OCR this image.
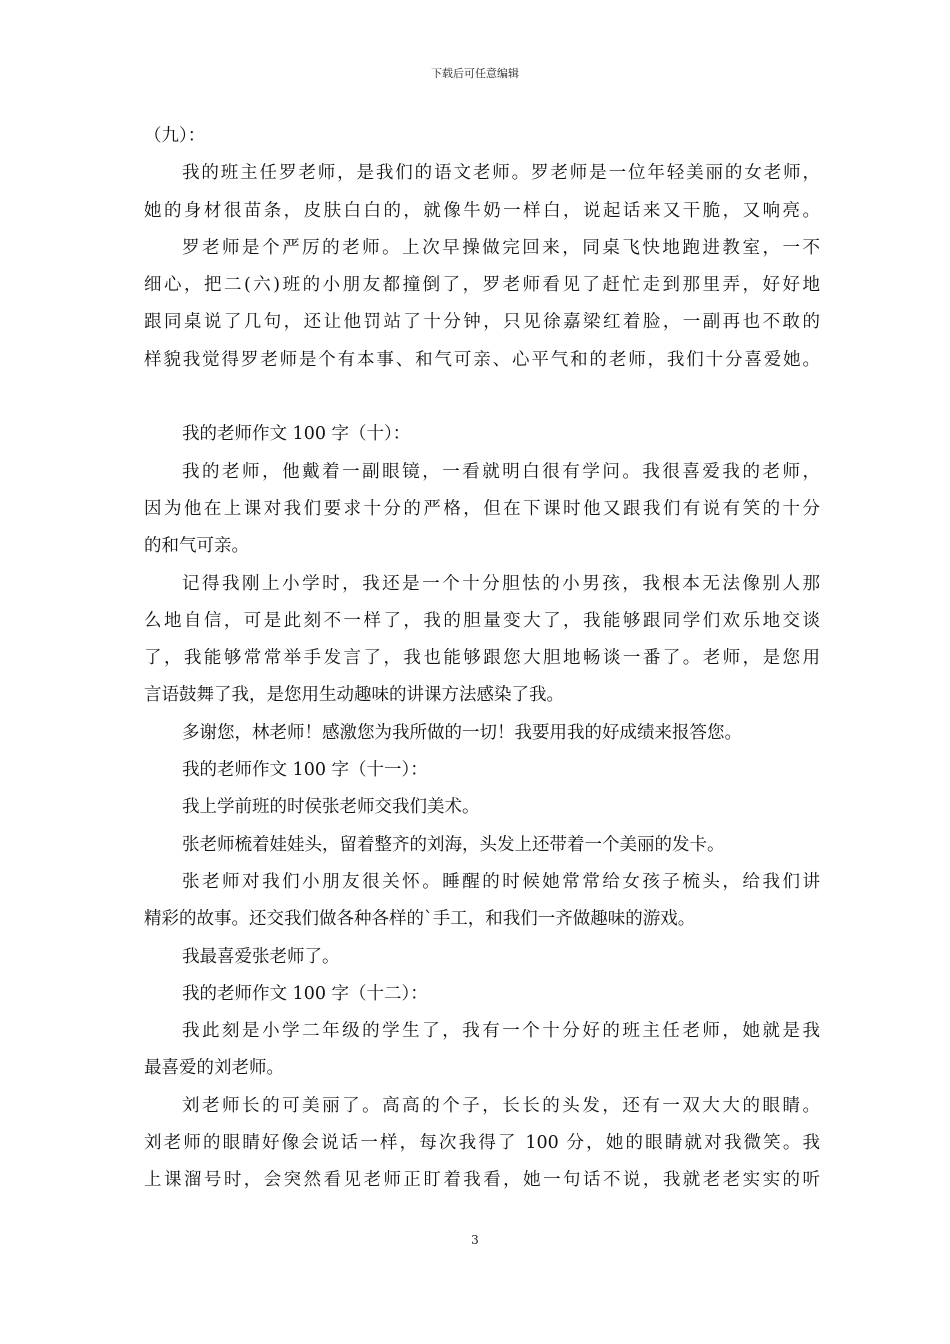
下载后可任意编辑
（九）：
我的班主任罗老师，是我们的语文老师。罗老师是一位年轻美丽的女老师，
她的身材很苗条，皮肤白白的，就像牛奶一样白，说起话来又干脆，又响亮。
罗老师是个严厉的老师。上次早操做完回来，同桌飞快地跑进教室，一不
细心，把二(六)班的小朋友都撞倒了，罗老师看见了赶忙走到那里弄，好好地
跟同桌说了几句，还让他罚站了十分钟，只见徐嘉梁红着脸，一副再也不敢的
样貌我觉得罗老师是个有本事、和气可亲、心平气和的老师，我们十分喜爱她。
我的老师作文 100 字（十）：
我的老师，他戴着一副眼镜，一看就明白很有学问。我很喜爱我的老师，
因为他在上课对我们要求十分的严格，但在下课时他又跟我们有说有笑的十分
的和气可亲。
记得我刚上小学时，我还是一个十分胆怯的小男孩，我根本无法像别人那
么地自信，可是此刻不一样了，我的胆量变大了，我能够跟同学们欢乐地交谈
了，我能够常常举手发言了，我也能够跟您大胆地畅谈一番了。老师，是您用
言语鼓舞了我，是您用生动趣味的讲课方法感染了我。
多谢您，林老师！感激您为我所做的一切！我要用我的好成绩来报答您。
我的老师作文 100 字（十一）：
我上学前班的时侯张老师交我们美术。
张老师梳着娃娃头，留着整齐的刘海，头发上还带着一个美丽的发卡。
张老师对我们小朋友很关怀。睡醒的时候她常常给女孩子梳头，给我们讲
精彩的故事。还交我们做各种各样的`手工，和我们一齐做趣味的游戏。
我最喜爱张老师了。
我的老师作文 100 字（十二）：
我此刻是小学二年级的学生了，我有一个十分好的班主任老师，她就是我
最喜爱的刘老师。
刘老师长的可美丽了。高高的个子，长长的头发，还有一双大大的眼睛。
刘老师的眼睛好像会说话一样，每次我得了 100 分，她的眼睛就对我微笑。我
上课溜号时，会突然看见老师正盯着我看，她一句话不说，我就老老实实的听
3
